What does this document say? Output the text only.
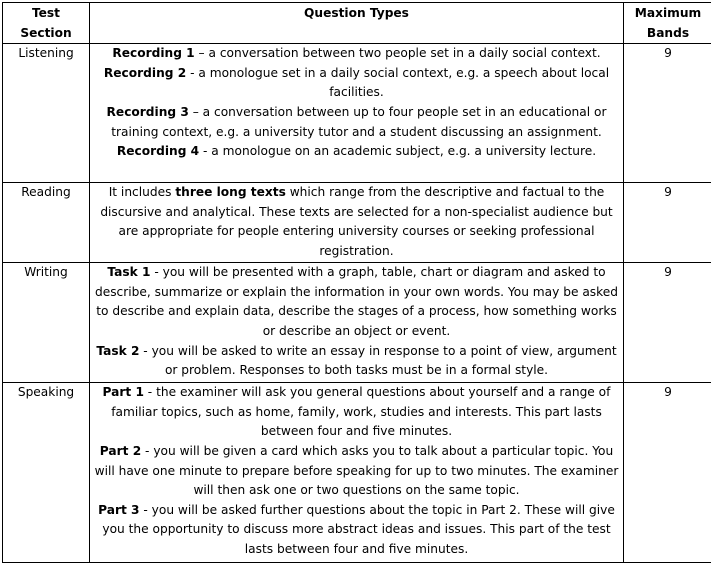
Test Section	Question Types	Maximum Bands
Listening	Recording 1 – a conversation between two people set in a daily social context.

Recording 2 - a monologue set in a daily social context, e.g. a speech about local facilities.

Recording 3 – a conversation between up to four people set in an educational or training context, e.g. a university tutor and a student discussing an assignment.

Recording 4 - a monologue on an academic subject, e.g. a university lecture.	9
Reading	It includes three long texts which range from the descriptive and factual to the discursive and analytical. These texts are selected for a non-specialist audience but are appropriate for people entering university courses or seeking professional registration.	9
Writing	Task 1 - you will be presented with a graph, table, chart or diagram and asked to describe, summarize or explain the information in your own words. You may be asked to describe and explain data, describe the stages of a process, how something works or describe an object or event.

Task 2 - you will be asked to write an essay in response to a point of view, argument or problem. Responses to both tasks must be in a formal style.	9
Speaking	Part 1 - the examiner will ask you general questions about yourself and a range of familiar topics, such as home, family, work, studies and interests. This part lasts between four and five minutes.

Part 2 - you will be given a card which asks you to talk about a particular topic. You will have one minute to prepare before speaking for up to two minutes. The examiner will then ask one or two questions on the same topic.

Part 3 - you will be asked further questions about the topic in Part 2. These will give you the opportunity to discuss more abstract ideas and issues. This part of the test lasts between four and five minutes.	9
